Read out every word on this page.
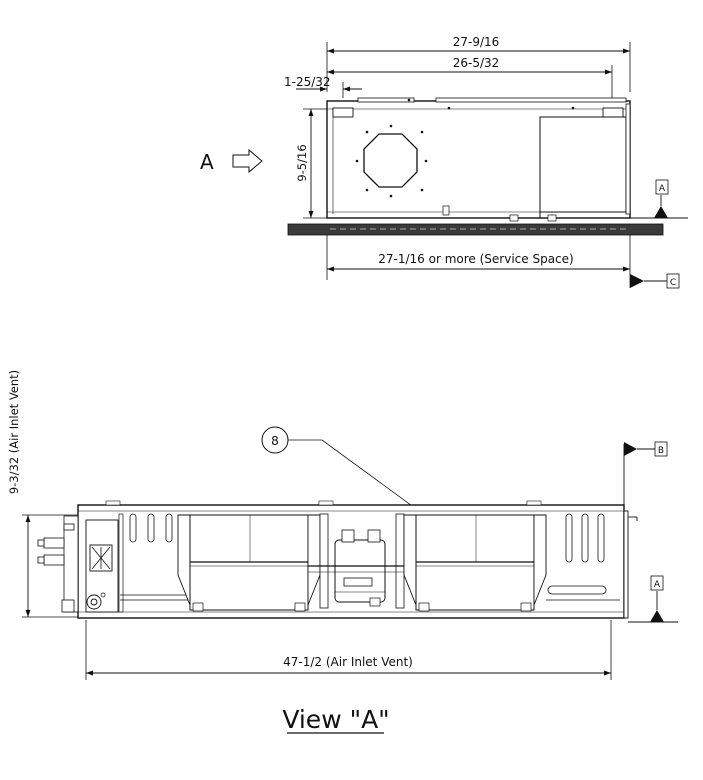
27-9/16
26-5/32
1-25/32
9-5/16
A
27-1/16 or more (Service Space)
A
C
9-3/32 (Air Inlet Vent)	8
B
A
47-1/2 (Air Inlet Vent)
View "A"
